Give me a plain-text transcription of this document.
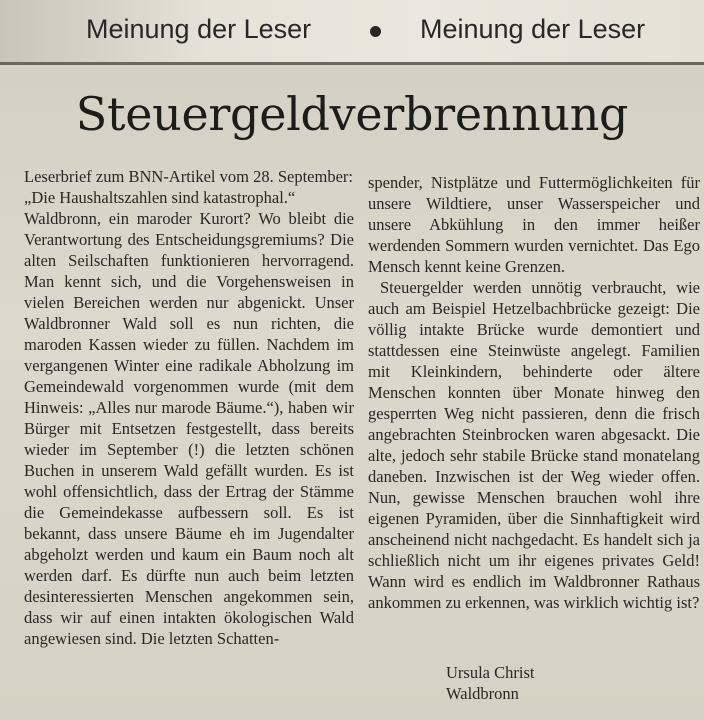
Meinung der Leser	Meinung der Leser
Steuergeldverbrennung

Leserbrief zum BNN-Artikel vom 28. September: „Die Haushaltszahlen sind katastrophal.“

Waldbronn, ein maroder Kurort? Wo bleibt die Verantwortung des Entscheidungsgremiums? Die alten Seilschaften funktionieren hervorragend. Man kennt sich, und die Vorgehensweisen in vielen Bereichen werden nur abgenickt. Unser Waldbronner Wald soll es nun richten, die maroden Kassen wieder zu füllen. Nachdem im vergangenen Winter eine radikale Abholzung im Gemeindewald vorgenommen wurde (mit dem Hinweis: „Alles nur marode Bäume.“), haben wir Bürger mit Entsetzen festgestellt, dass bereits wieder im September (!) die letzten schönen Buchen in unserem Wald gefällt wurden. Es ist wohl offensichtlich, dass der Ertrag der Stämme die Gemeindekasse aufbessern soll. Es ist bekannt, dass unsere Bäume eh im Jugendalter abgeholzt werden und kaum ein Baum noch alt werden darf. Es dürfte nun auch beim letzten desinteressierten Menschen angekommen sein, dass wir auf einen intakten ökologischen Wald angewiesen sind. Die letzten Schatten-

spender, Nistplätze und Futtermöglichkeiten für unsere Wildtiere, unser Wasserspeicher und unsere Abkühlung in den immer heißer werdenden Sommern wurden vernichtet. Das Ego Mensch kennt keine Grenzen.

Steuergelder werden unnötig verbraucht, wie auch am Beispiel Hetzelbachbrücke gezeigt: Die völlig intakte Brücke wurde demontiert und stattdessen eine Steinwüste angelegt. Familien mit Kleinkindern, behinderte oder ältere Menschen konnten über Monate hinweg den gesperrten Weg nicht passieren, denn die frisch angebrachten Steinbrocken waren abgesackt. Die alte, jedoch sehr stabile Brücke stand monatelang daneben. Inzwischen ist der Weg wieder offen. Nun, gewisse Menschen brauchen wohl ihre eigenen Pyramiden, über die Sinnhaftigkeit wird anscheinend nicht nachgedacht. Es handelt sich ja schließlich nicht um ihr eigenes privates Geld! Wann wird es endlich im Waldbronner Rathaus ankommen zu erkennen, was wirklich wichtig ist?

Ursula Christ
Waldbronn
